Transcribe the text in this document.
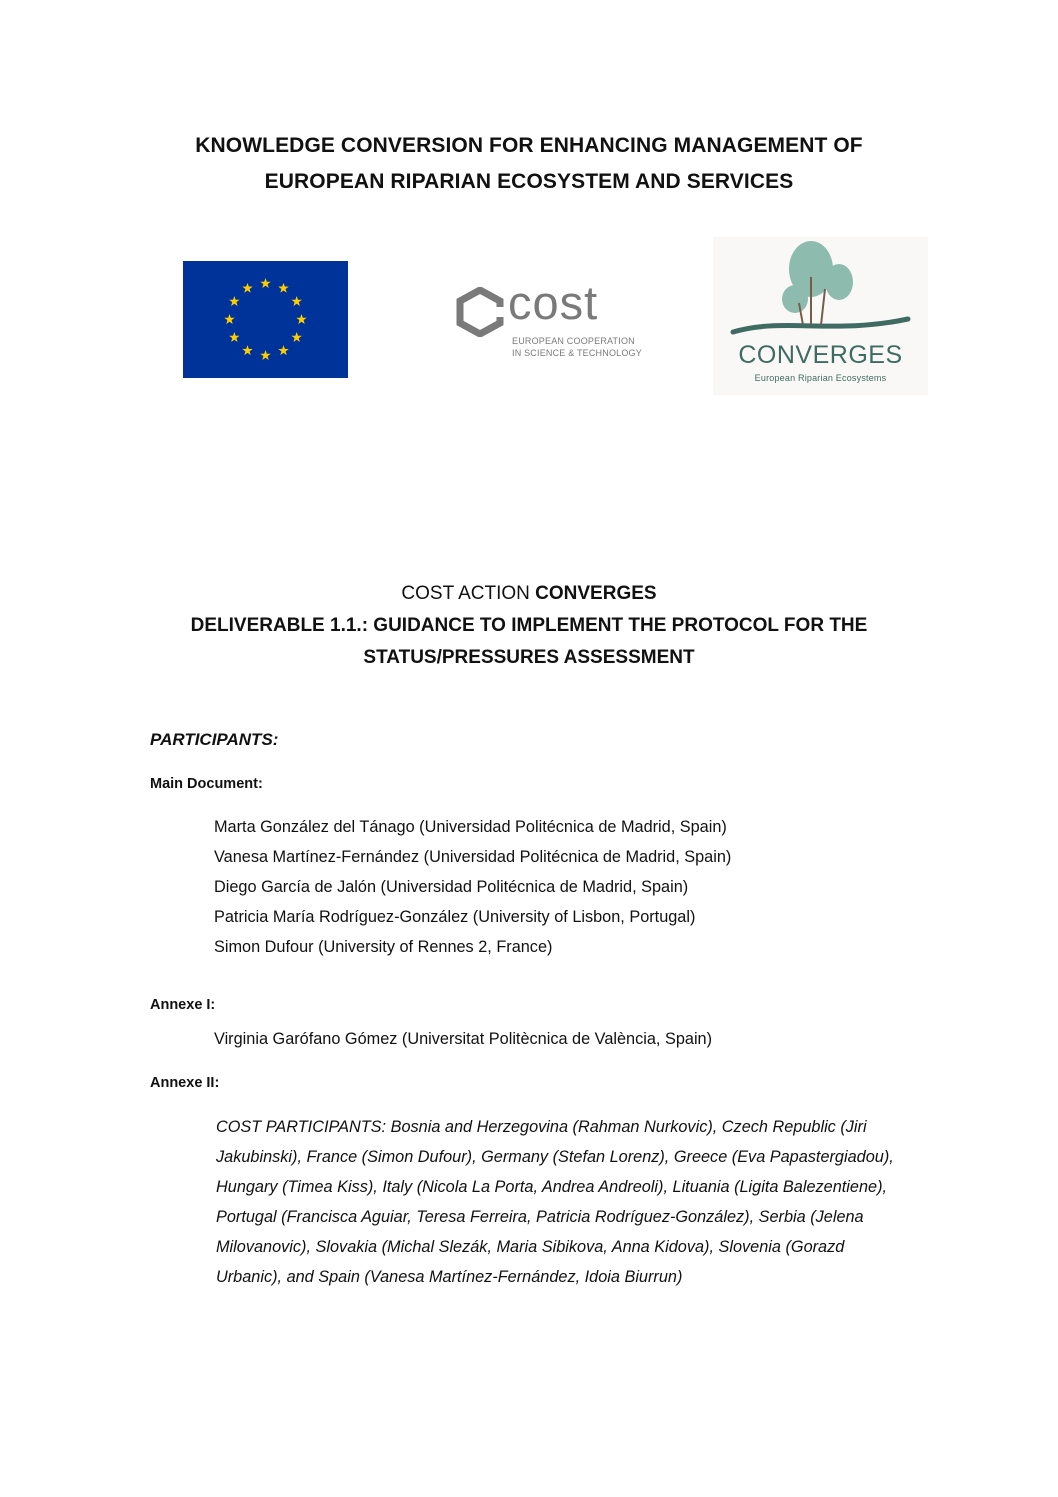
KNOWLEDGE CONVERSION FOR ENHANCING MANAGEMENT OF
EUROPEAN RIPARIAN ECOSYSTEM AND SERVICES
cost
EUROPEAN COOPERATION
IN SCIENCE & TECHNOLOGY	CONVERGES
European Riparian Ecosystems
COST ACTION CONVERGES
DELIVERABLE 1.1.: GUIDANCE TO IMPLEMENT THE PROTOCOL FOR THE
STATUS/PRESSURES ASSESSMENT
PARTICIPANTS:
Main Document:
Marta González del Tánago (Universidad Politécnica de Madrid, Spain)
Vanesa Martínez-Fernández (Universidad Politécnica de Madrid, Spain)
Diego García de Jalón (Universidad Politécnica de Madrid, Spain)
Patricia María Rodríguez-González (University of Lisbon, Portugal)
Simon Dufour (University of Rennes 2, France)
Annexe I:
Virginia Garófano Gómez (Universitat Politècnica de València, Spain)
Annexe II:
COST PARTICIPANTS: Bosnia and Herzegovina (Rahman Nurkovic), Czech Republic (Jiri Jakubinski), France (Simon Dufour), Germany (Stefan Lorenz), Greece (Eva Papastergiadou), Hungary (Timea Kiss), Italy (Nicola La Porta, Andrea Andreoli), Lituania (Ligita Balezentiene), Portugal (Francisca Aguiar, Teresa Ferreira, Patricia Rodríguez-González), Serbia (Jelena Milovanovic), Slovakia (Michal Slezák, Maria Sibikova, Anna Kidova), Slovenia (Gorazd Urbanic), and Spain (Vanesa Martínez-Fernández, Idoia Biurrun)
